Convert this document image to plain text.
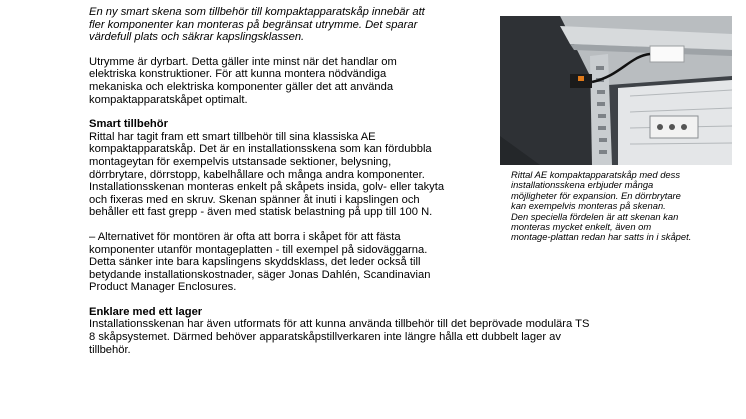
En ny smart skena som tillbehör till kompaktapparatskåp innebär att
fler komponenter kan monteras på begränsat utrymme. Det sparar
värdefull plats och säkrar kapslingsklassen.

Utrymme är dyrbart. Detta gäller inte minst när det handlar om
elektriska konstruktioner. För att kunna montera nödvändiga
mekaniska och elektriska komponenter gäller det att använda
kompaktapparatskåpet optimalt.

Smart tillbehör

Rittal har tagit fram ett smart tillbehör till sina klassiska AE
kompaktapparatskåp. Det är en installationsskena som kan fördubbla
montageytan för exempelvis utstansade sektioner, belysning,
dörrbrytare, dörrstopp, kabelhållare och många andra komponenter.
Installationsskenan monteras enkelt på skåpets insida, golv- eller takyta
och fixeras med en skruv. Skenan spänner åt inuti i kapslingen och
behåller ett fast grepp - även med statisk belastning på upp till 100 N.

– Alternativet för montören är ofta att borra i skåpet för att fästa
komponenter utanför montageplatten - till exempel på sidoväggarna.
Detta sänker inte bara kapslingens skyddsklass, det leder också till
betydande installationskostnader, säger Jonas Dahlén, Scandinavian
Product Manager Enclosures.

Enklare med ett lager

Installationsskenan har även utformats för att kunna använda tillbehör till det beprövade modulära TS
8 skåpsystemet. Därmed behöver apparatskåpstillverkaren inte längre hålla ett dubbelt lager av
tillbehör.

Rittal AE kompaktapparatskåp med dess
installationsskena erbjuder många
möjligheter för expansion. En dörrbrytare
kan exempelvis monteras på skenan.
Den speciella fördelen är att skenan kan
monteras mycket enkelt, även om
montage-plattan redan har satts in i skåpet.
